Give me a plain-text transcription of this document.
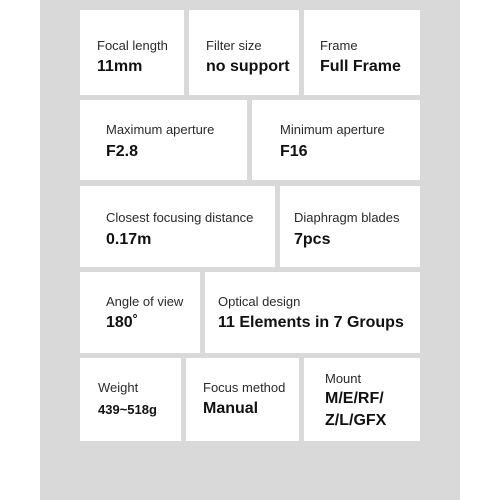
Focal length
11mm
Filter size
no support
Frame
Full Frame
Maximum aperture
F2.8
Minimum aperture
F16
Closest focusing distance
0.17m
Diaphragm blades
7pcs
Angle of view
180˚
Optical design
11 Elements in 7 Groups
Weight
439~518g
Focus method
Manual
Mount
M/E/RF/
Z/L/GFX
